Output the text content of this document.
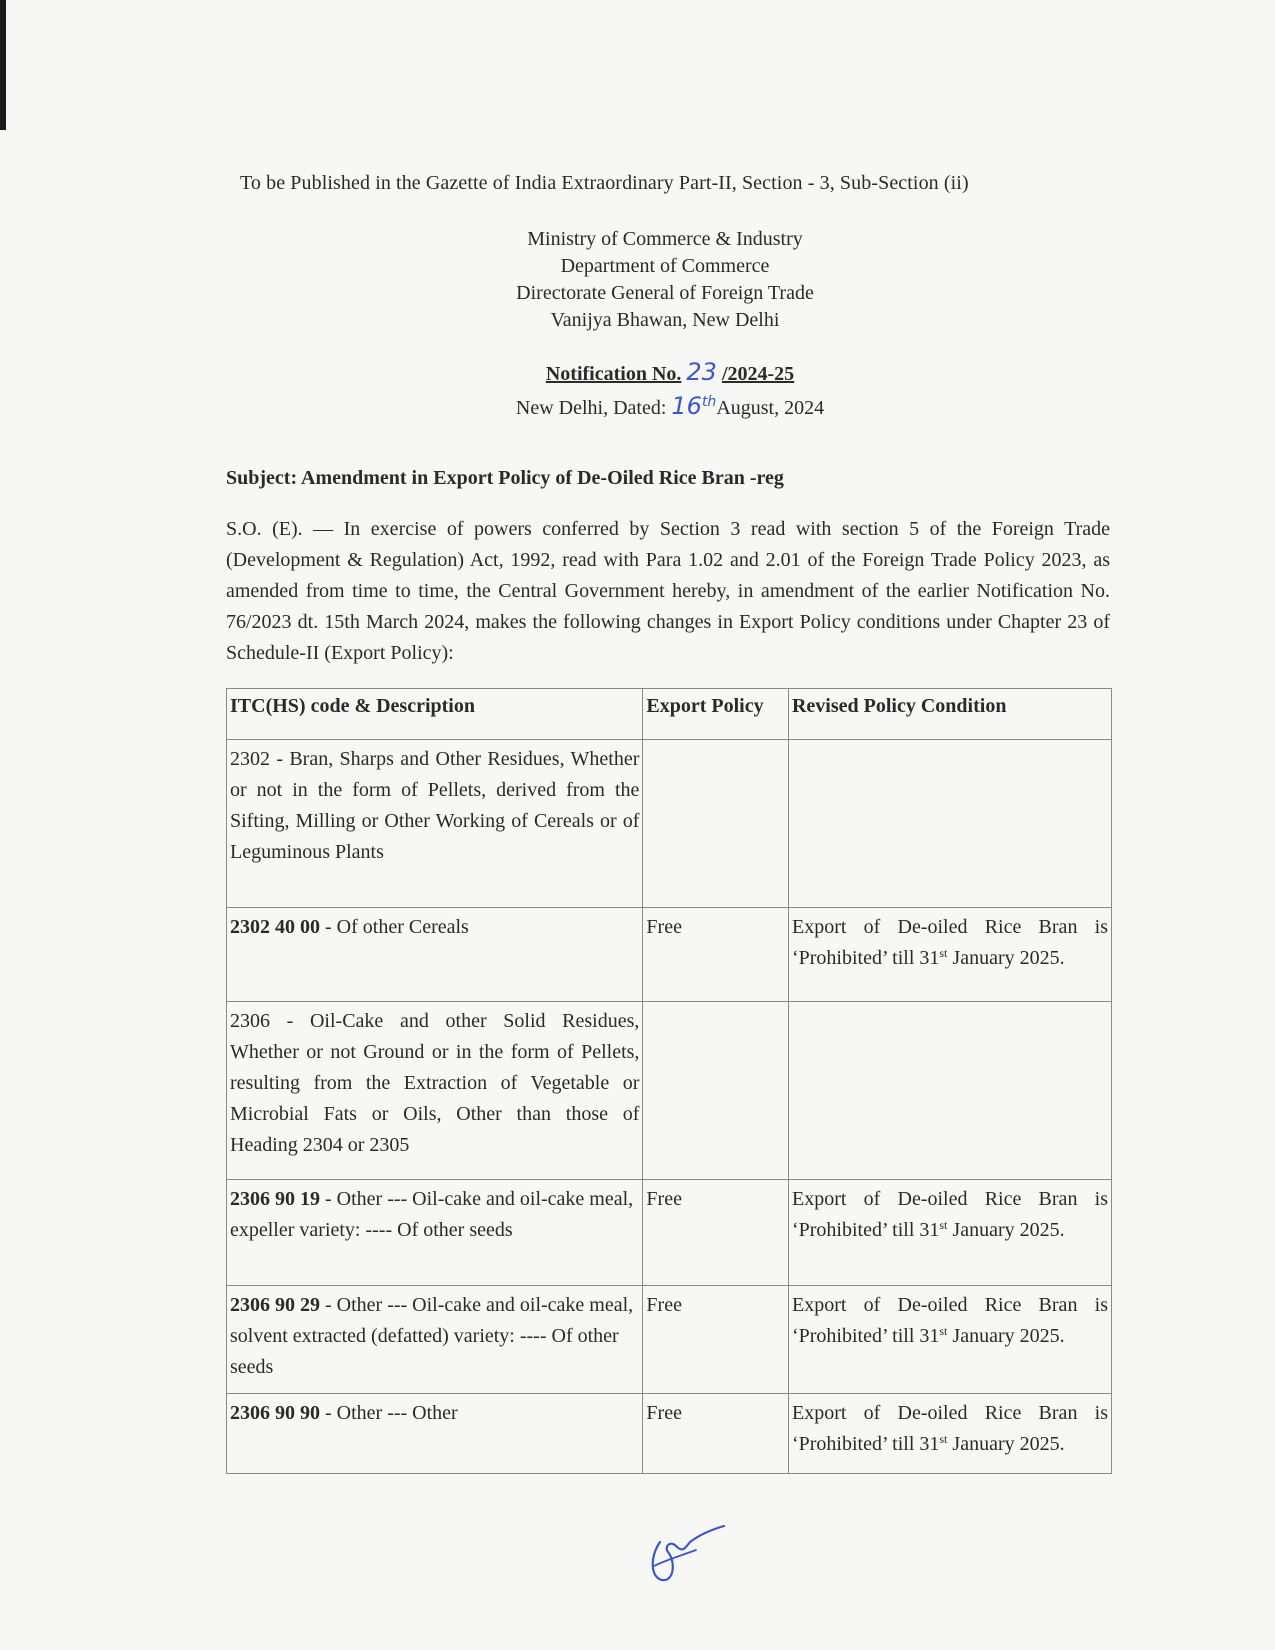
To be Published in the Gazette of India Extraordinary Part-II, Section - 3, Sub-Section (ii)
Ministry of Commerce & Industry
Department of Commerce
Directorate General of Foreign Trade
Vanijya Bhawan, New Delhi
Notification No. 23 /2024-25
New Delhi, Dated: 16thAugust, 2024
Subject: Amendment in Export Policy of De-Oiled Rice Bran -reg
S.O. (E). — In exercise of powers conferred by Section 3 read with section 5 of the Foreign Trade (Development & Regulation) Act, 1992, read with Para 1.02 and 2.01 of the Foreign Trade Policy 2023, as amended from time to time, the Central Government hereby, in amendment of the earlier Notification No. 76/2023 dt. 15th March 2024, makes the following changes in Export Policy conditions under Chapter 23 of Schedule-II (Export Policy):
ITC(HS) code & Description	Export Policy	Revised Policy Condition
2302 - Bran, Sharps and Other Residues, Whether or not in the form of Pellets, derived from the Sifting, Milling or Other Working of Cereals or of Leguminous Plants		
2302 40 00 - Of other Cereals	Free	Export of De-oiled Rice Bran is ‘Prohibited’ till 31st January 2025.
2306 - Oil-Cake and other Solid Residues, Whether or not Ground or in the form of Pellets, resulting from the Extraction of Vegetable or Microbial Fats or Oils, Other than those of Heading 2304 or 2305		
2306 90 19 - Other --- Oil-cake and oil-cake meal, expeller variety: ---- Of other seeds	Free	Export of De-oiled Rice Bran is ‘Prohibited’ till 31st January 2025.
2306 90 29 - Other --- Oil-cake and oil-cake meal, solvent extracted (defatted) variety: ---- Of other seeds	Free	Export of De-oiled Rice Bran is ‘Prohibited’ till 31st January 2025.
2306 90 90 - Other --- Other	Free	Export of De-oiled Rice Bran is ‘Prohibited’ till 31st January 2025.
